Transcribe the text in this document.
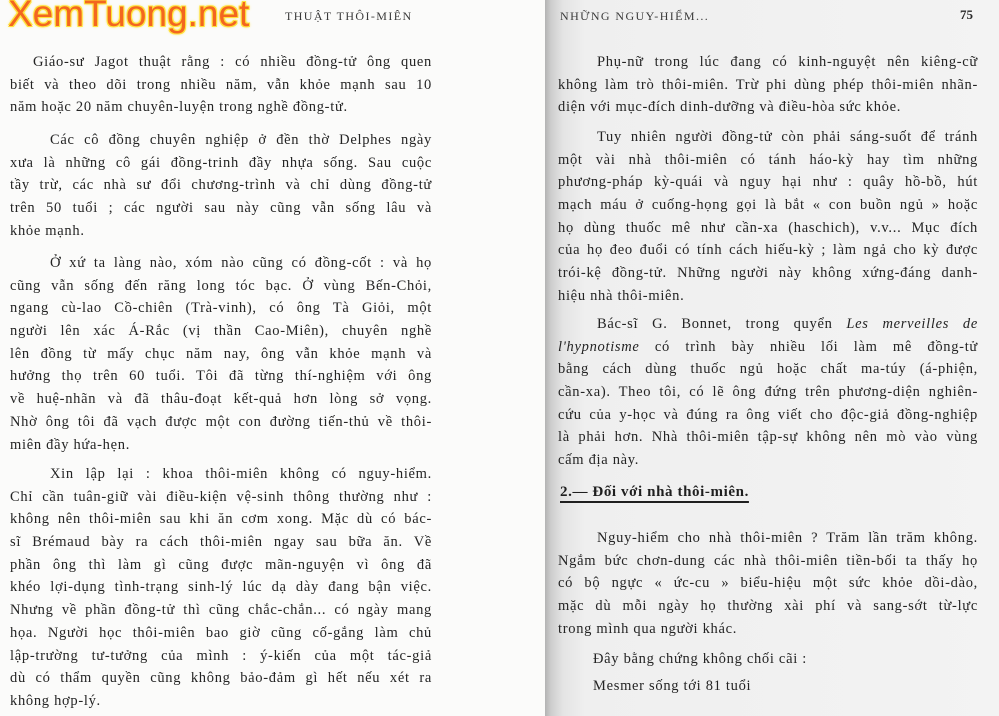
XemTuong.net	THUẬT THÔI-MIÊN
Giáo-sư Jagot thuật rằng : có nhiều đồng-tử ông quen
biết và theo dõi trong nhiều năm, vẫn khỏe mạnh sau 10
năm hoặc 20 năm chuyên-luyện trong nghề đồng-tử.
Các cô đồng chuyên nghiệp ở đền thờ Delphes ngày
xưa là những cô gái đồng-trinh đầy nhựa sống. Sau cuộc
tầy trừ, các nhà sư đổi chương-trình và chỉ dùng đồng-tử
trên 50 tuổi ; các người sau này cũng vẫn sống lâu và
khỏe mạnh.
Ở xứ ta làng nào, xóm nào cũng có đồng-cốt : và họ
cũng vẫn sống đến răng long tóc bạc. Ở vùng Bến-Chỏi,
ngang cù-lao Cồ-chiên (Trà-vinh), có ông Tà Giỏi, một
người lên xác Á-Rắc (vị thần Cao-Miên), chuyên nghề
lên đồng từ mấy chục năm nay, ông vẫn khỏe mạnh và
hưởng thọ trên 60 tuổi. Tôi đã từng thí-nghiệm với ông
về huệ-nhãn và đã thâu-đoạt kết-quả hơn lòng sở vọng.
Nhờ ông tôi đã vạch được một con đường tiến-thủ về thôi-
miên đầy hứa-hẹn.
Xin lập lại : khoa thôi-miên không có nguy-hiểm.
Chỉ cần tuân-giữ vài điều-kiện vệ-sinh thông thường như :
không nên thôi-miên sau khi ăn cơm xong. Mặc dù có bác-
sĩ Brémaud bày ra cách thôi-miên ngay sau bữa ăn. Về
phần ông thì làm gì cũng được mãn-nguyện vì ông đã
khéo lợi-dụng tình-trạng sinh-lý lúc dạ dày đang bận việc.
Nhưng về phần đồng-tử thì cũng chắc-chắn... có ngày mang
họa. Người học thôi-miên bao giờ cũng cố-gắng làm chủ
lập-trường tư-tưởng của mình : ý-kiến của một tác-giả
dù có thẩm quyền cũng không bảo-đảm gì hết nếu xét ra
không hợp-lý.
NHỮNG NGUY-HIỂM...	75
2.— Đối với nhà thôi-miên.
Phụ-nữ trong lúc đang có kinh-nguyệt nên kiêng-cữ
không làm trò thôi-miên. Trừ phi dùng phép thôi-miên nhãn-
diện với mục-đích dinh-dưỡng và điều-hòa sức khỏe.
Tuy nhiên người đồng-tử còn phải sáng-suốt để tránh
một vài nhà thôi-miên có tánh háo-kỳ hay tìm những
phương-pháp kỳ-quái và nguy hại như : quây hồ-bồ, hút
mạch máu ở cuống-họng gọi là bắt « con buồn ngủ » hoặc
họ dùng thuốc mê như cần-xa (haschich), v.v... Mục đích
của họ đeo đuổi có tính cách hiếu-kỳ ; làm ngả cho kỳ được
trói-kệ đồng-tử. Những người này không xứng-đáng danh-
hiệu nhà thôi-miên.
Bác-sĩ G. Bonnet, trong quyển Les merveilles de
l'hypnotisme có trình bày nhiều lối làm mê đồng-tử
bằng cách dùng thuốc ngủ hoặc chất ma-túy (á-phiện,
cần-xa). Theo tôi, có lẽ ông đứng trên phương-diện nghiên-
cứu của y-học và đúng ra ông viết cho độc-giả đồng-nghiệp
là phải hơn. Nhà thôi-miên tập-sự không nên mò vào vùng
cấm địa này.
Nguy-hiểm cho nhà thôi-miên ? Trăm lần trăm không.
Ngắm bức chơn-dung các nhà thôi-miên tiền-bối ta thấy họ
có bộ ngực « ức-cu » biểu-hiệu một sức khỏe dồi-dào,
mặc dù mỗi ngày họ thường xài phí và sang-sớt từ-lực
trong mình qua người khác.
Đây bằng chứng không chối cãi :
Mesmer sống tới 81 tuổi
